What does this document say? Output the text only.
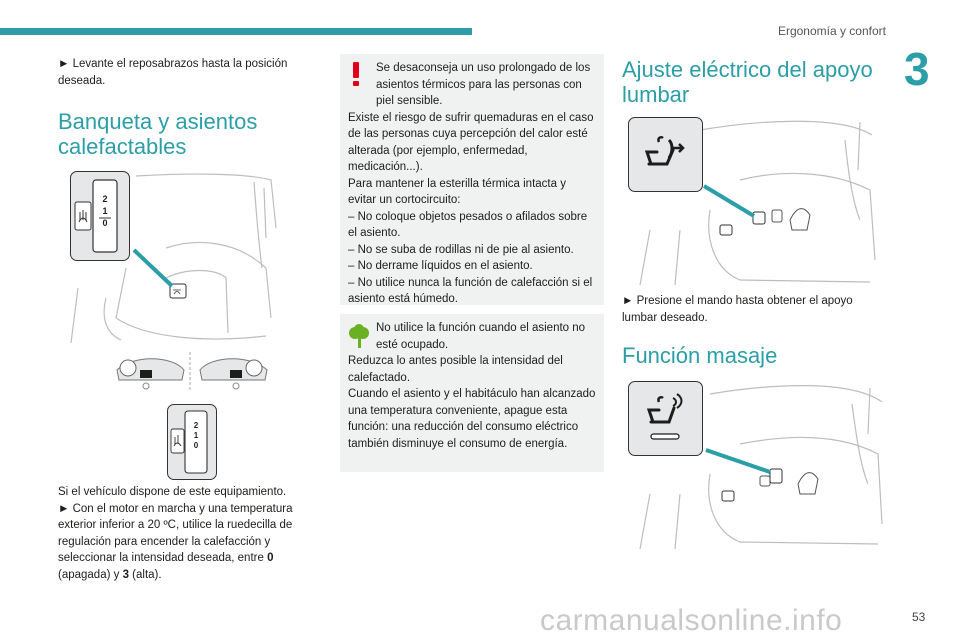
Ergonomía y confort
3

► Levante el reposabrazos hasta la posición deseada.

Banqueta y asientos calefactables
2
1
0
2
1
0

Si el vehículo dispone de este equipamiento.

► Con el motor en marcha y una temperatura exterior inferior a 20 ºC, utilice la ruedecilla de regulación para encender la calefacción y seleccionar la intensidad deseada, entre 0 (apagada) y 3 (alta).

Se desaconseja un uso prolongado de los asientos térmicos para las personas con piel sensible.
Existe el riesgo de sufrir quemaduras en el caso de las personas cuya percepción del calor esté alterada (por ejemplo, enfermedad, medicación...).
Para mantener la esterilla térmica intacta y evitar un cortocircuito:
– No coloque objetos pesados o afilados sobre el asiento.
– No se suba de rodillas ni de pie al asiento.
– No derrame líquidos en el asiento.
– No utilice nunca la función de calefacción si el asiento está húmedo.
No utilice la función cuando el asiento no esté ocupado.
Reduzca lo antes posible la intensidad del calefactado.
Cuando el asiento y el habitáculo han alcanzado una temperatura conveniente, apague esta función: una reducción del consumo eléctrico también disminuye el consumo de energía.
Ajuste eléctrico del apoyo lumbar

► Presione el mando hasta obtener el apoyo lumbar deseado.

Función masaje
carmanualsonline.info	53
